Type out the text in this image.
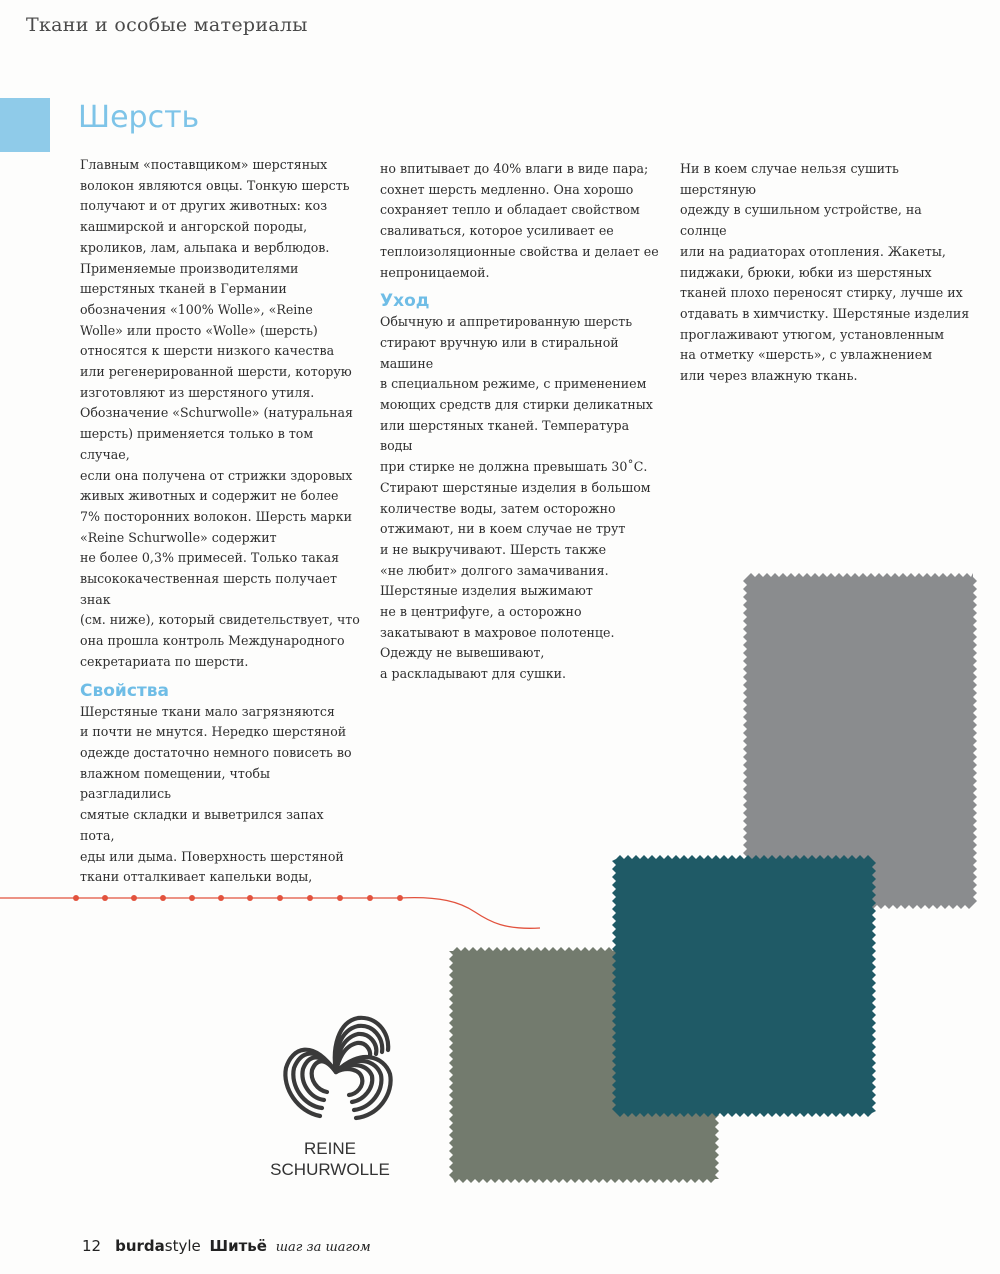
Ткани и особые материалы
Шерсть

Главным «поставщиком» шерстяных
волокон являются овцы. Тонкую шерсть
получают и от других животных: коз
кашмирской и ангорской породы,
кроликов, лам, альпака и верблюдов.
Применяемые производителями
шерстяных тканей в Германии
обозначения «100% Wolle», «Reine
Wolle» или просто «Wolle» (шерсть)
относятся к шерсти низкого качества
или регенерированной шерсти, которую
изготовляют из шерстяного утиля.
Обозначение «Schurwolle» (натуральная
шерсть) применяется только в том случае,
если она получена от стрижки здоровых
живых животных и содержит не более
7% посторонних волокон. Шерсть марки
«Reine Schurwolle» содержит
не более 0,3% примесей. Только такая
высококачественная шерсть получает знак
(см. ниже), который свидетельствует, что
она прошла контроль Международного
секретариата по шерсти.

Свойства

Шерстяные ткани мало загрязняются
и почти не мнутся. Нередко шерстяной
одежде достаточно немного повисеть во
влажном помещении, чтобы разгладились
смятые складки и выветрился запах пота,
еды или дыма. Поверхность шерстяной
ткани отталкивает капельки воды,

но впитывает до 40% влаги в виде пара;
сохнет шерсть медленно. Она хорошо
сохраняет тепло и обладает свойством
сваливаться, которое усиливает ее
теплоизоляционные свойства и делает ее
непроницаемой.

Уход

Обычную и аппретированную шерсть
стирают вручную или в стиральной машине
в специальном режиме, с применением
моющих средств для стирки деликатных
или шерстяных тканей. Температура воды
при стирке не должна превышать 30˚С.
Стирают шерстяные изделия в большом
количестве воды, затем осторожно
отжимают, ни в коем случае не трут
и не выкручивают. Шерсть также
«не любит» долгого замачивания.
Шерстяные изделия выжимают
не в центрифуге, а осторожно
закатывают в махровое полотенце.
Одежду не вывешивают,
а раскладывают для сушки.

Ни в коем случае нельзя сушить шерстяную
одежду в сушильном устройстве, на солнце
или на радиаторах отопления. Жакеты,
пиджаки, брюки, юбки из шерстяных
тканей плохо переносят стирку, лучше их
отдавать в химчистку. Шерстяные изделия
проглаживают утюгом, установленным
на отметку «шерсть», с увлажнением
или через влажную ткань.

REINE
SCHURWOLLE
12 burdastyle Шитьё шаг за шагом
